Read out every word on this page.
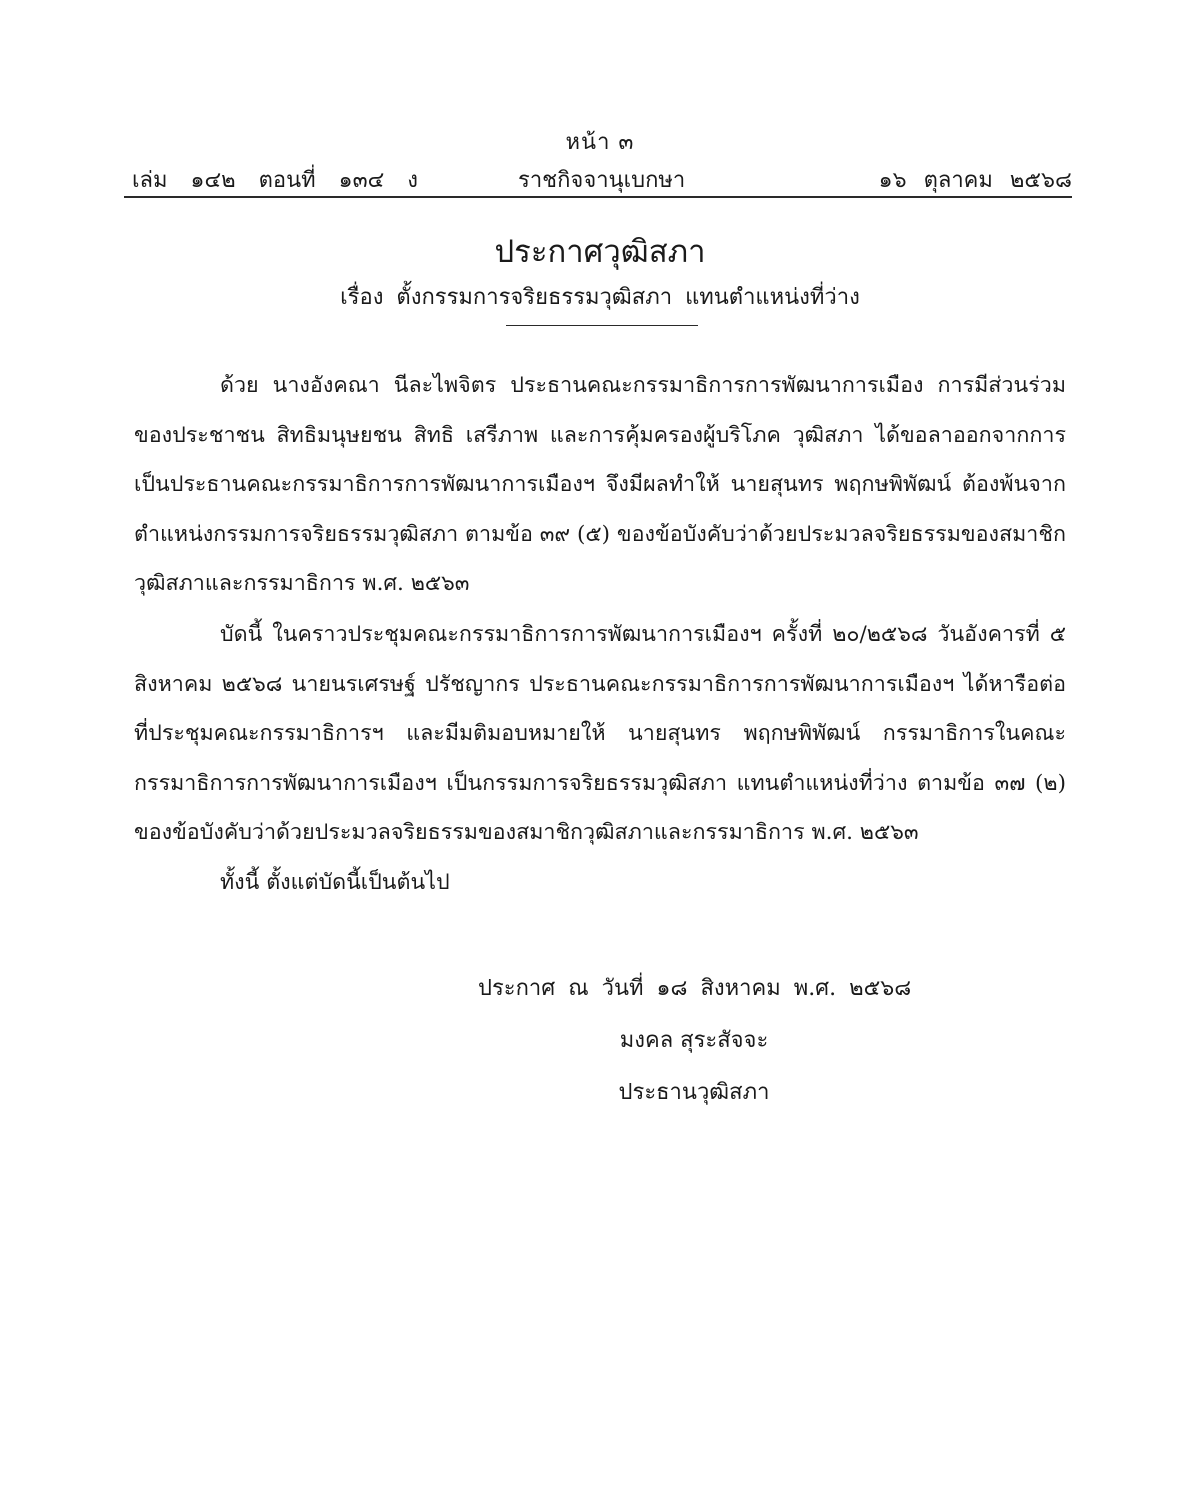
หน้า ๓
เล่ม ๑๔๒ ตอนที่ ๑๓๔ ง	ราชกิจจานุเบกษา	๑๖ ตุลาคม ๒๕๖๘
ประกาศวุฒิสภา
เรื่อง ตั้งกรรมการจริยธรรมวุฒิสภา แทนตำแหน่งที่ว่าง
ด้วย นางอังคณา นีละไพจิตร ประธานคณะกรรมาธิการการพัฒนาการเมือง การมีส่วนร่วมของประชาชน สิทธิมนุษยชน สิทธิ เสรีภาพ และการคุ้มครองผู้บริโภค วุฒิสภา ได้ขอลาออกจากการเป็นประธานคณะกรรมาธิการการพัฒนาการเมืองฯ จึงมีผลทำให้ นายสุนทร พฤกษพิพัฒน์ ต้องพ้นจากตำแหน่งกรรมการจริยธรรมวุฒิสภา ตามข้อ ๓๙ (๕) ของข้อบังคับว่าด้วยประมวลจริยธรรมของสมาชิกวุฒิสภาและกรรมาธิการ พ.ศ. ๒๕๖๓
บัดนี้ ในคราวประชุมคณะกรรมาธิการการพัฒนาการเมืองฯ ครั้งที่ ๒๐/๒๕๖๘ วันอังคารที่ ๕ สิงหาคม ๒๕๖๘ นายนรเศรษฐ์ ปรัชญากร ประธานคณะกรรมาธิการการพัฒนาการเมืองฯ ได้หารือต่อที่ประชุมคณะกรรมาธิการฯ และมีมติมอบหมายให้ นายสุนทร พฤกษพิพัฒน์ กรรมาธิการในคณะกรรมาธิการการพัฒนาการเมืองฯ เป็นกรรมการจริยธรรมวุฒิสภา แทนตำแหน่งที่ว่าง ตามข้อ ๓๗ (๒) ของข้อบังคับว่าด้วยประมวลจริยธรรมของสมาชิกวุฒิสภาและกรรมาธิการ พ.ศ. ๒๕๖๓
ทั้งนี้ ตั้งแต่บัดนี้เป็นต้นไป
ประกาศ ณ วันที่ ๑๘ สิงหาคม พ.ศ. ๒๕๖๘
มงคล สุระสัจจะ
ประธานวุฒิสภา
